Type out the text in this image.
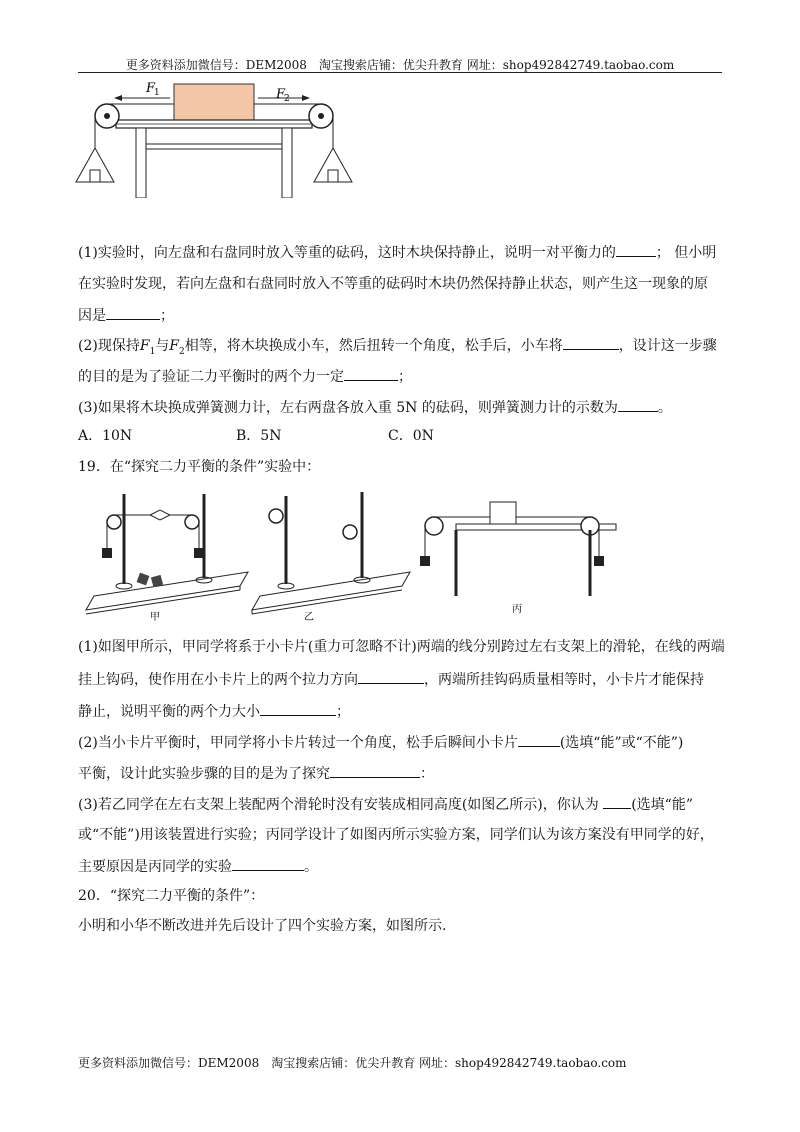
更多资料添加微信号：DEM2008　淘宝搜索店铺：优尖升教育 网址：shop492842749.taobao.com
F
1	F
2
(1)实验时，向左盘和右盘同时放入等重的砝码，这时木块保持静止，说明一对平衡力的	； 但小明
在实验时发现，若向左盘和右盘同时放入不等重的砝码时木块仍然保持静止状态，则产生这一现象的原
因是	；
(2)现保持$F_1$与$F_2$相等，将木块换成小车，然后扭转一个角度，松手后，小车将	，设计这一步骤
的目的是为了验证二力平衡时的两个力一定	；
(3)如果将木块换成弹簧测力计，左右两盘各放入重 5N 的砝码，则弹簧测力计的示数为	。
A．10N	B．5N	C．0N
19．在“探究二力平衡的条件”实验中：
甲	乙
丙
(1)如图甲所示，甲同学将系于小卡片(重力可忽略不计)两端的线分别跨过左右支架上的滑轮，在线的两端
挂上钩码，使作用在小卡片上的两个拉力方向	，两端所挂钩码质量相等时，小卡片才能保持
静止，说明平衡的两个力大小	；
(2)当小卡片平衡时，甲同学将小卡片转过一个角度，松手后瞬间小卡片	(选填“能”或“不能”)
平衡，设计此实验步骤的目的是为了探究	：
(3)若乙同学在左右支架上装配两个滑轮时没有安装成相同高度(如图乙所示)，你认为 (选填“能”
或“不能”)用该装置进行实验；丙同学设计了如图丙所示实验方案，同学们认为该方案没有甲同学的好，
主要原因是丙同学的实验	。
20．“探究二力平衡的条件”：
小明和小华不断改进并先后设计了四个实验方案，如图所示.
更多资料添加微信号：DEM2008　淘宝搜索店铺：优尖升教育 网址：shop492842749.taobao.com
